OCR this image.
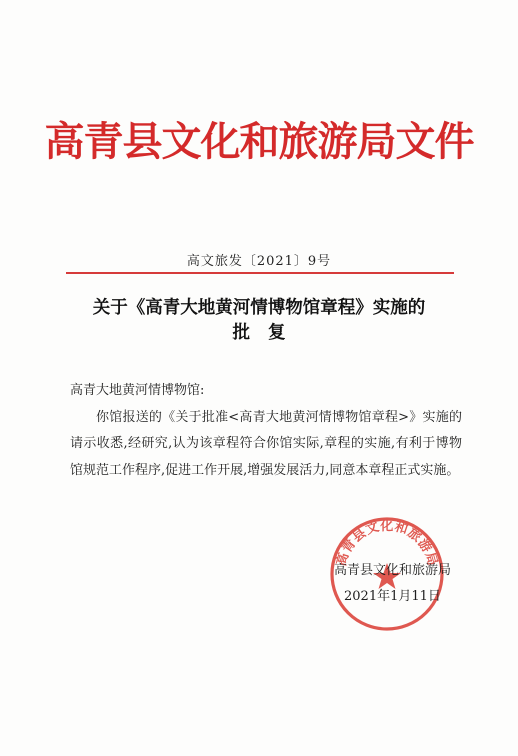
高青县文化和旅游局文件
高文旅发〔2021〕9号
关于《高青大地黄河情博物馆章程》实施的
批复

高青大地黄河情博物馆:

你馆报送的《关于批准<高青大地黄河情博物馆章程>》实施的请示收悉,经研究,认为该章程符合你馆实际,章程的实施,有利于博物馆规范工作程序,促进工作开展,增强发展活力,同意本章程正式实施。

高青县文化和旅游局
高青县文化和旅游局
2021年1月11日
